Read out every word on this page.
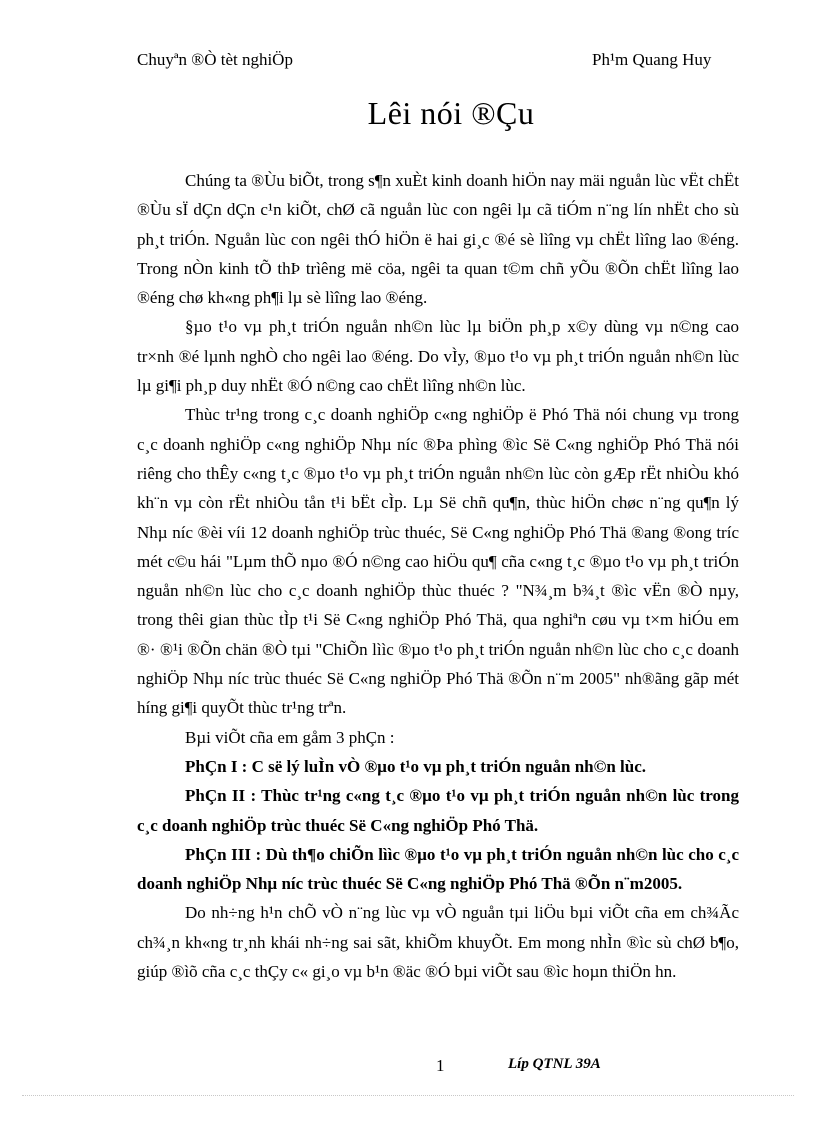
Chuyªn ®Ò tèt nghiÖp	Ph¹m Quang Huy
Lêi nói ®Çu

Chúng ta ®Ùu biÕt, trong s¶n xuÈt kinh doanh hiÖn nay mäi nguån lùc vËt chËt ®Ùu sÏ dÇn dÇn c¹n kiÕt, chØ cã nguån lùc con ngêi lµ cã tiÓm n¨ng lín nhËt cho sù ph¸t triÓn. Nguån lùc con ngêi thÓ hiÖn ë hai gi¸c ®é sè lìîng vµ chËt lìîng lao ®éng. Trong nÒn kinh tÕ thÞ trìêng më cöa, ngêi ta quan t©m chñ yÕu ®Õn chËt lìîng lao ®éng chø kh«ng ph¶i lµ sè lìîng lao ®éng.

§µo t¹o vµ ph¸t triÓn nguån nh©n lùc lµ biÖn ph¸p x©y dùng vµ n©ng cao tr×nh ®é lµnh nghÒ cho ngêi lao ®éng. Do vÌy, ®µo t¹o vµ ph¸t triÓn nguån nh©n lùc lµ gi¶i ph¸p duy nhËt ®Ó n©ng cao chËt lìîng nh©n lùc.

Thùc tr¹ng trong c¸c doanh nghiÖp c«ng nghiÖp ë Phó Thä nói chung vµ trong c¸c doanh nghiÖp c«ng nghiÖp Nhµ níc ®Þa phìng ®ìc Së C«ng nghiÖp Phó Thä nói riêng cho thÊy c«ng t¸c ®µo t¹o vµ ph¸t triÓn nguån nh©n lùc còn gÆp rËt nhiÒu khó kh¨n vµ còn rËt nhiÒu tån t¹i bËt cÌp. Lµ Së chñ qu¶n, thùc hiÖn chøc n¨ng qu¶n lý Nhµ níc ®èi víi 12 doanh nghiÖp trùc thuéc, Së C«ng nghiÖp Phó Thä ®ang ®ong tríc mét c©u hái "Lµm thÕ nµo ®Ó n©ng cao hiÖu qu¶ cña c«ng t¸c ®µo t¹o vµ ph¸t triÓn nguån nh©n lùc cho c¸c doanh nghiÖp thùc thuéc ? "N¾¸m b¾¸t ®ìc vËn ®Ò nµy, trong thêi gian thùc tÌp t¹i Së C«ng nghiÖp Phó Thä, qua nghiªn cøu vµ t×m hiÓu em ®· ®¹i ®Õn chän ®Ò tµi "ChiÕn lììc ®µo t¹o ph¸t triÓn nguån nh©n lùc cho c¸c doanh nghiÖp Nhµ níc trùc thuéc Së C«ng nghiÖp Phó Thä ®Õn n¨m 2005" nh®ãng gãp mét híng gi¶i quyÕt thùc tr¹ng trªn.

Bµi viÕt cña em gåm 3 phÇn :

PhÇn I : C së lý luÌn vÒ ®µo t¹o vµ ph¸t triÓn nguån nh©n lùc.

PhÇn II : Thùc tr¹ng c«ng t¸c ®µo t¹o vµ ph¸t triÓn nguån nh©n lùc trong c¸c doanh nghiÖp trùc thuéc Së C«ng nghiÖp Phó Thä.

PhÇn III : Dù th¶o chiÕn lììc ®µo t¹o vµ ph¸t triÓn nguån nh©n lùc cho c¸c doanh nghiÖp Nhµ níc trùc thuéc Së C«ng nghiÖp Phó Thä ®Õn n¨m2005.

Do nh÷ng h¹n chÕ vÒ n¨ng lùc vµ vÒ nguån tµi liÖu bµi viÕt cña em ch¾Ãc ch¾¸n kh«ng tr¸nh khái nh÷ng sai sãt, khiÕm khuyÕt. Em mong nhÌn ®ìc sù chØ b¶o, giúp ®ìõ cña c¸c thÇy c« gi¸o vµ b¹n ®äc ®Ó bµi viÕt sau ®ìc hoµn thiÖn hn.

1	Líp QTNL 39A
